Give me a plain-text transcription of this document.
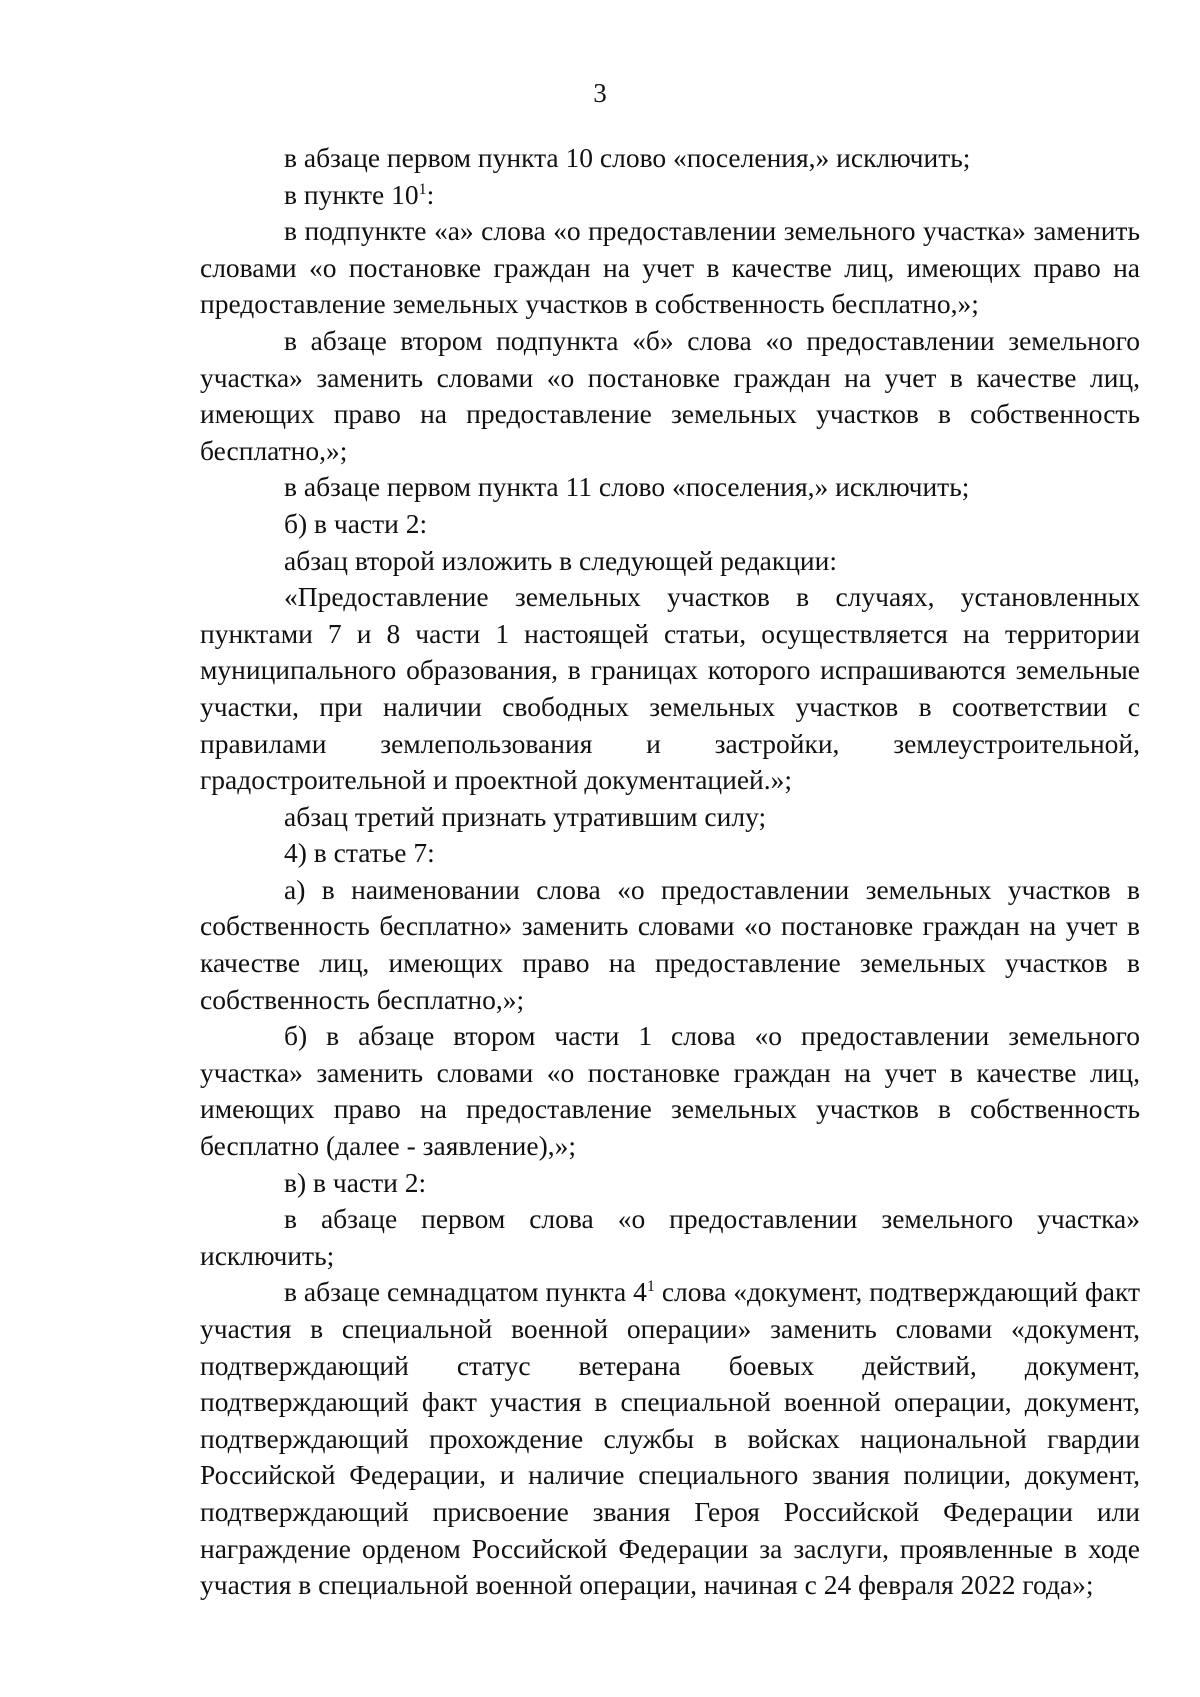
3

в абзаце первом пункта 10 слово «поселения,» исключить;

в пункте $10^1$:

в подпункте «а» слова «о предоставлении земельного участка» заменить словами «о постановке граждан на учет в качестве лиц, имеющих право на предоставление земельных участков в собственность бесплатно,»;

в абзаце втором подпункта «б» слова «о предоставлении земельного участка» заменить словами «о постановке граждан на учет в качестве лиц, имеющих право на предоставление земельных участков в собственность бесплатно,»;

в абзаце первом пункта 11 слово «поселения,» исключить;

б) в части 2:

абзац второй изложить в следующей редакции:

«Предоставление земельных участков в случаях, установленных пунктами 7 и 8 части 1 настоящей статьи, осуществляется на территории муниципального образования, в границах которого испрашиваются земельные участки, при наличии свободных земельных участков в соответствии с правилами землепользования и застройки, землеустроительной, градостроительной и проектной документацией.»;

абзац третий признать утратившим силу;

4) в статье 7:

а) в наименовании слова «о предоставлении земельных участков в собственность бесплатно» заменить словами «о постановке граждан на учет в качестве лиц, имеющих право на предоставление земельных участков в собственность бесплатно,»;

б) в абзаце втором части 1 слова «о предоставлении земельного участка» заменить словами «о постановке граждан на учет в качестве лиц, имеющих право на предоставление земельных участков в собственность бесплатно (далее - заявление),»;

в) в части 2:

в абзаце первом слова «о предоставлении земельного участка» исключить;

в абзаце семнадцатом пункта $4^1$ слова «документ, подтверждающий факт участия в специальной военной операции» заменить словами «документ, подтверждающий статус ветерана боевых действий, документ, подтверждающий факт участия в специальной военной операции, документ, подтверждающий прохождение службы в войсках национальной гвардии Российской Федерации, и наличие специального звания полиции, документ, подтверждающий присвоение звания Героя Российской Федерации или награждение орденом Российской Федерации за заслуги, проявленные в ходе участия в специальной военной операции, начиная с 24 февраля 2022 года»;
